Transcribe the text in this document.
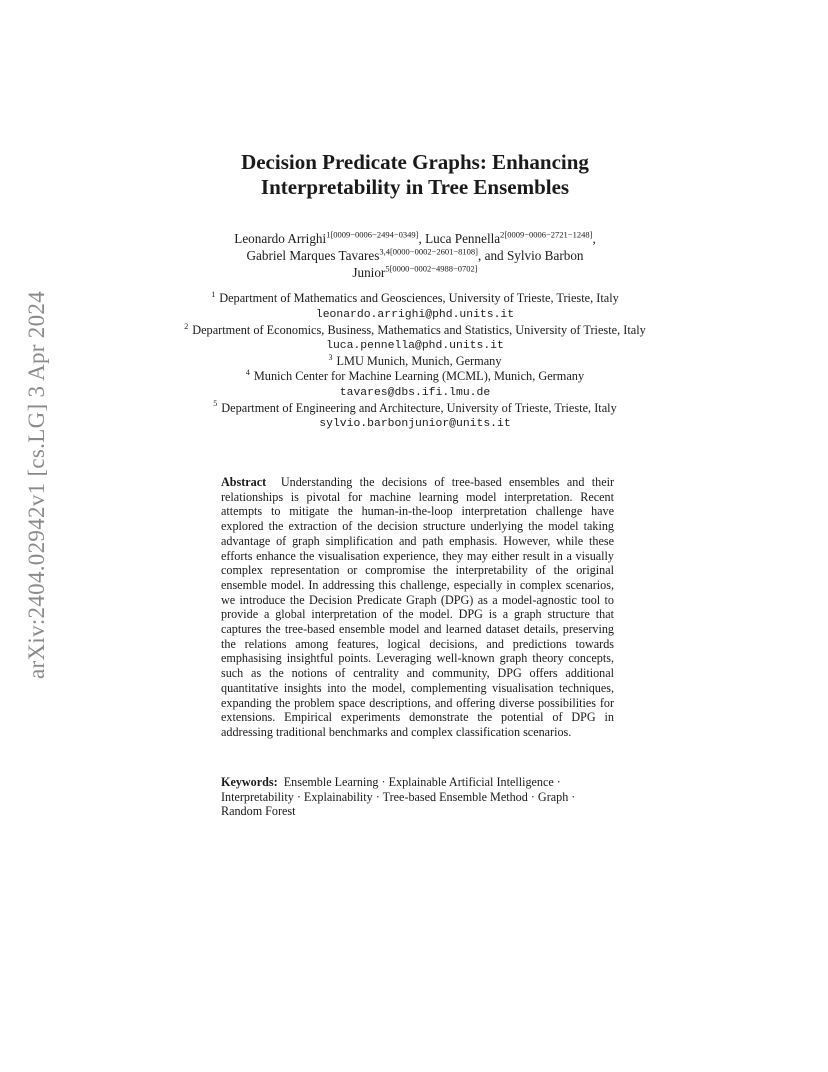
arXiv:2404.02942v1 [cs.LG] 3 Apr 2024
Decision Predicate Graphs: Enhancing
Interpretability in Tree Ensembles
Leonardo Arrighi$^{1[0009-0006-2494-0349]}$, Luca Pennella$^{2[0009-0006-2721-1248]}$,
Gabriel Marques Tavares$^{3,4[0000-0002-2601-8108]}$, and Sylvio Barbon
Junior$^{5[0000-0002-4988-0702]}$
$^1$ Department of Mathematics and Geosciences, University of Trieste, Trieste, Italy
leonardo.arrighi@phd.units.it
$^2$ Department of Economics, Business, Mathematics and Statistics, University of Trieste, Italy
luca.pennella@phd.units.it
$^3$ LMU Munich, Munich, Germany
$^4$ Munich Center for Machine Learning (MCML), Munich, Germany
tavares@dbs.ifi.lmu.de
$^5$ Department of Engineering and Architecture, University of Trieste, Trieste, Italy
sylvio.barbonjunior@units.it
Abstract Understanding the decisions of tree-based ensembles and their relationships is pivotal for machine learning model interpretation. Recent attempts to mitigate the human-in-the-loop interpretation challenge have explored the extraction of the decision structure underlying the model taking advantage of graph simplification and path emphasis. However, while these efforts enhance the visualisation experience, they may either result in a visually complex representation or compromise the interpretability of the original ensemble model. In addressing this challenge, especially in complex scenarios, we introduce the Decision Predicate Graph (DPG) as a model-agnostic tool to provide a global interpretation of the model. DPG is a graph structure that captures the tree-based ensemble model and learned dataset details, preserving the relations among features, logical decisions, and predictions towards emphasising insightful points. Leveraging well-known graph theory concepts, such as the notions of centrality and community, DPG offers additional quantitative insights into the model, complementing visualisation techniques, expanding the problem space descriptions, and offering diverse possibilities for extensions. Empirical experiments demonstrate the potential of DPG in addressing traditional benchmarks and complex classification scenarios.
Keywords: Ensemble Learning · Explainable Artificial Intelligence · Interpretability · Explainability · Tree-based Ensemble Method · Graph · Random Forest
